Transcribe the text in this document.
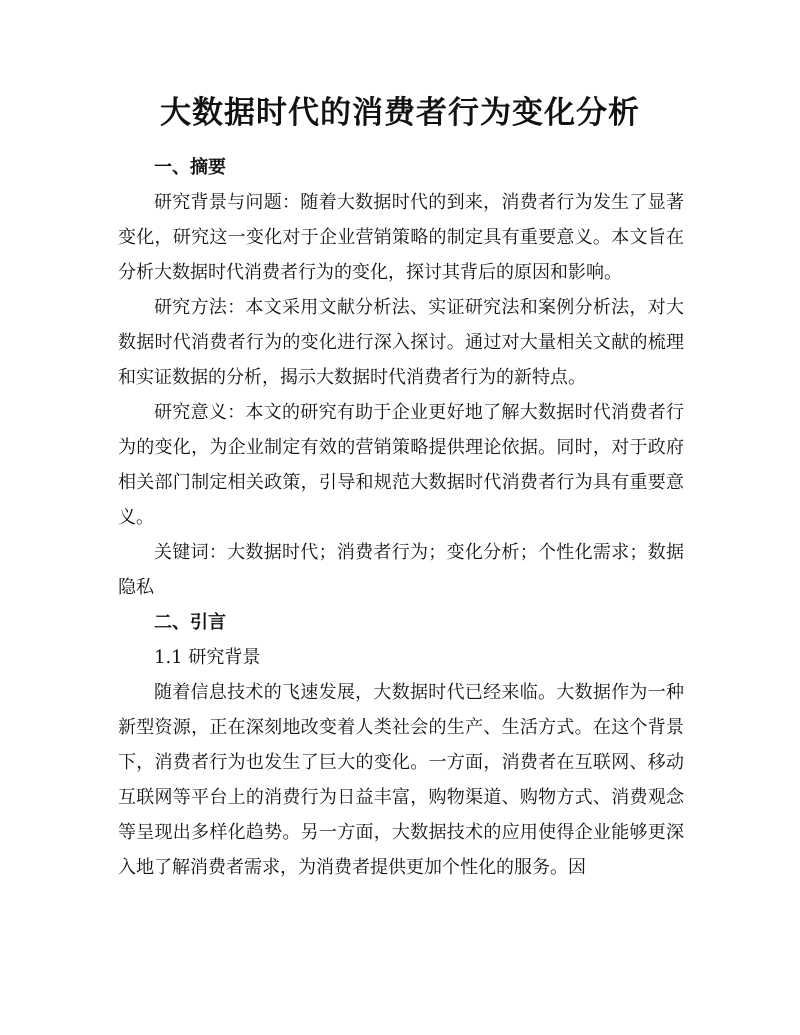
大数据时代的消费者行为变化分析

一、摘要

研究背景与问题：随着大数据时代的到来，消费者行为发生了显著变化，研究这一变化对于企业营销策略的制定具有重要意义。本文旨在分析大数据时代消费者行为的变化，探讨其背后的原因和影响。

研究方法：本文采用文献分析法、实证研究法和案例分析法，对大数据时代消费者行为的变化进行深入探讨。通过对大量相关文献的梳理和实证数据的分析，揭示大数据时代消费者行为的新特点。

研究意义：本文的研究有助于企业更好地了解大数据时代消费者行为的变化，为企业制定有效的营销策略提供理论依据。同时，对于政府相关部门制定相关政策，引导和规范大数据时代消费者行为具有重要意义。

关键词：大数据时代；消费者行为；变化分析；个性化需求；数据隐私

二、引言

1.1 研究背景

随着信息技术的飞速发展，大数据时代已经来临。大数据作为一种新型资源，正在深刻地改变着人类社会的生产、生活方式。在这个背景下，消费者行为也发生了巨大的变化。一方面，消费者在互联网、移动互联网等平台上的消费行为日益丰富，购物渠道、购物方式、消费观念等呈现出多样化趋势。另一方面，大数据技术的应用使得企业能够更深入地了解消费者需求，为消费者提供更加个性化的服务。因
